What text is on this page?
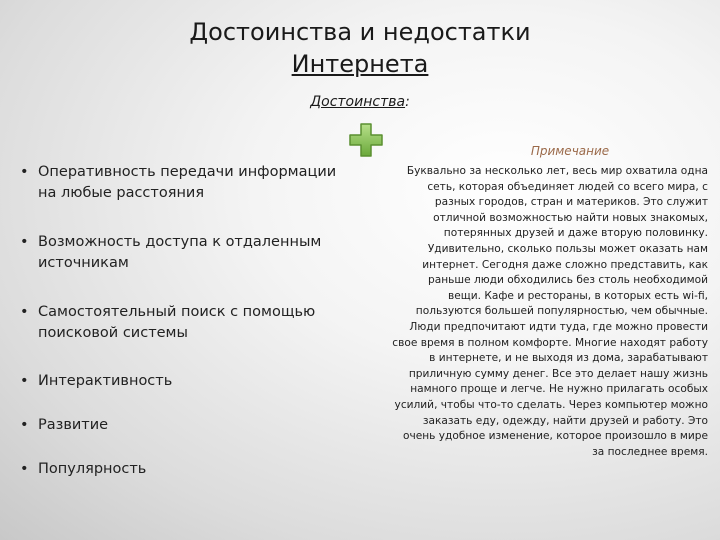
Достоинства и недостатки
Интернета
Достоинства:
• Оперативность передачи информации на любые расстояния
• Возможность доступа к отдаленным источникам
• Самостоятельный поиск с помощью поисковой системы
• Интерактивность
• Развитие
• Популярность
Примечание
Буквально за несколько лет, весь мир охватила одна сеть, которая объединяет людей со всего мира, с разных городов, стран и материков. Это служит отличной возможностью найти новых знакомых, потерянных друзей и даже вторую половинку. Удивительно, сколько пользы может оказать нам интернет. Сегодня даже сложно представить, как раньше люди обходились без столь необходимой вещи. Кафе и рестораны, в которых есть wi-fi, пользуются большей популярностью, чем обычные. Люди предпочитают идти туда, где можно провести свое время в полном комфорте. Многие находят работу в интернете, и не выходя из дома, зарабатывают приличную сумму денег. Все это делает нашу жизнь намного проще и легче. Не нужно прилагать особых усилий, чтобы что-то сделать. Через компьютер можно заказать еду, одежду, найти друзей и работу. Это очень удобное изменение, которое произошло в мире за последнее время.
